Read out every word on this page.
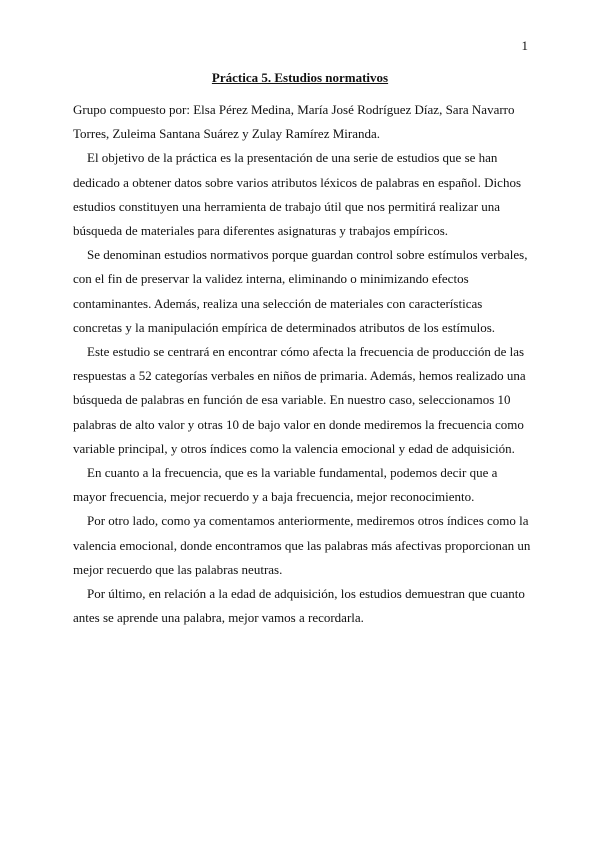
1
Práctica 5. Estudios normativos

Grupo compuesto por: Elsa Pérez Medina, María José Rodríguez Díaz, Sara Navarro Torres, Zuleima Santana Suárez y Zulay Ramírez Miranda.

El objetivo de la práctica es la presentación de una serie de estudios que se han dedicado a obtener datos sobre varios atributos léxicos de palabras en español. Dichos estudios constituyen una herramienta de trabajo útil que nos permitirá realizar una búsqueda de materiales para diferentes asignaturas y trabajos empíricos.

Se denominan estudios normativos porque guardan control sobre estímulos verbales, con el fin de preservar la validez interna, eliminando o minimizando efectos contaminantes. Además, realiza una selección de materiales con características concretas y la manipulación empírica de determinados atributos de los estímulos.

Este estudio se centrará en encontrar cómo afecta la frecuencia de producción de las respuestas a 52 categorías verbales en niños de primaria. Además, hemos realizado una búsqueda de palabras en función de esa variable. En nuestro caso, seleccionamos 10 palabras de alto valor y otras 10 de bajo valor en donde mediremos la frecuencia como variable principal, y otros índices como la valencia emocional y edad de adquisición.

En cuanto a la frecuencia, que es la variable fundamental, podemos decir que a mayor frecuencia, mejor recuerdo y a baja frecuencia, mejor reconocimiento.

Por otro lado, como ya comentamos anteriormente, mediremos otros índices como la valencia emocional, donde encontramos que las palabras más afectivas proporcionan un mejor recuerdo que las palabras neutras.

Por último, en relación a la edad de adquisición, los estudios demuestran que cuanto antes se aprende una palabra, mejor vamos a recordarla.
